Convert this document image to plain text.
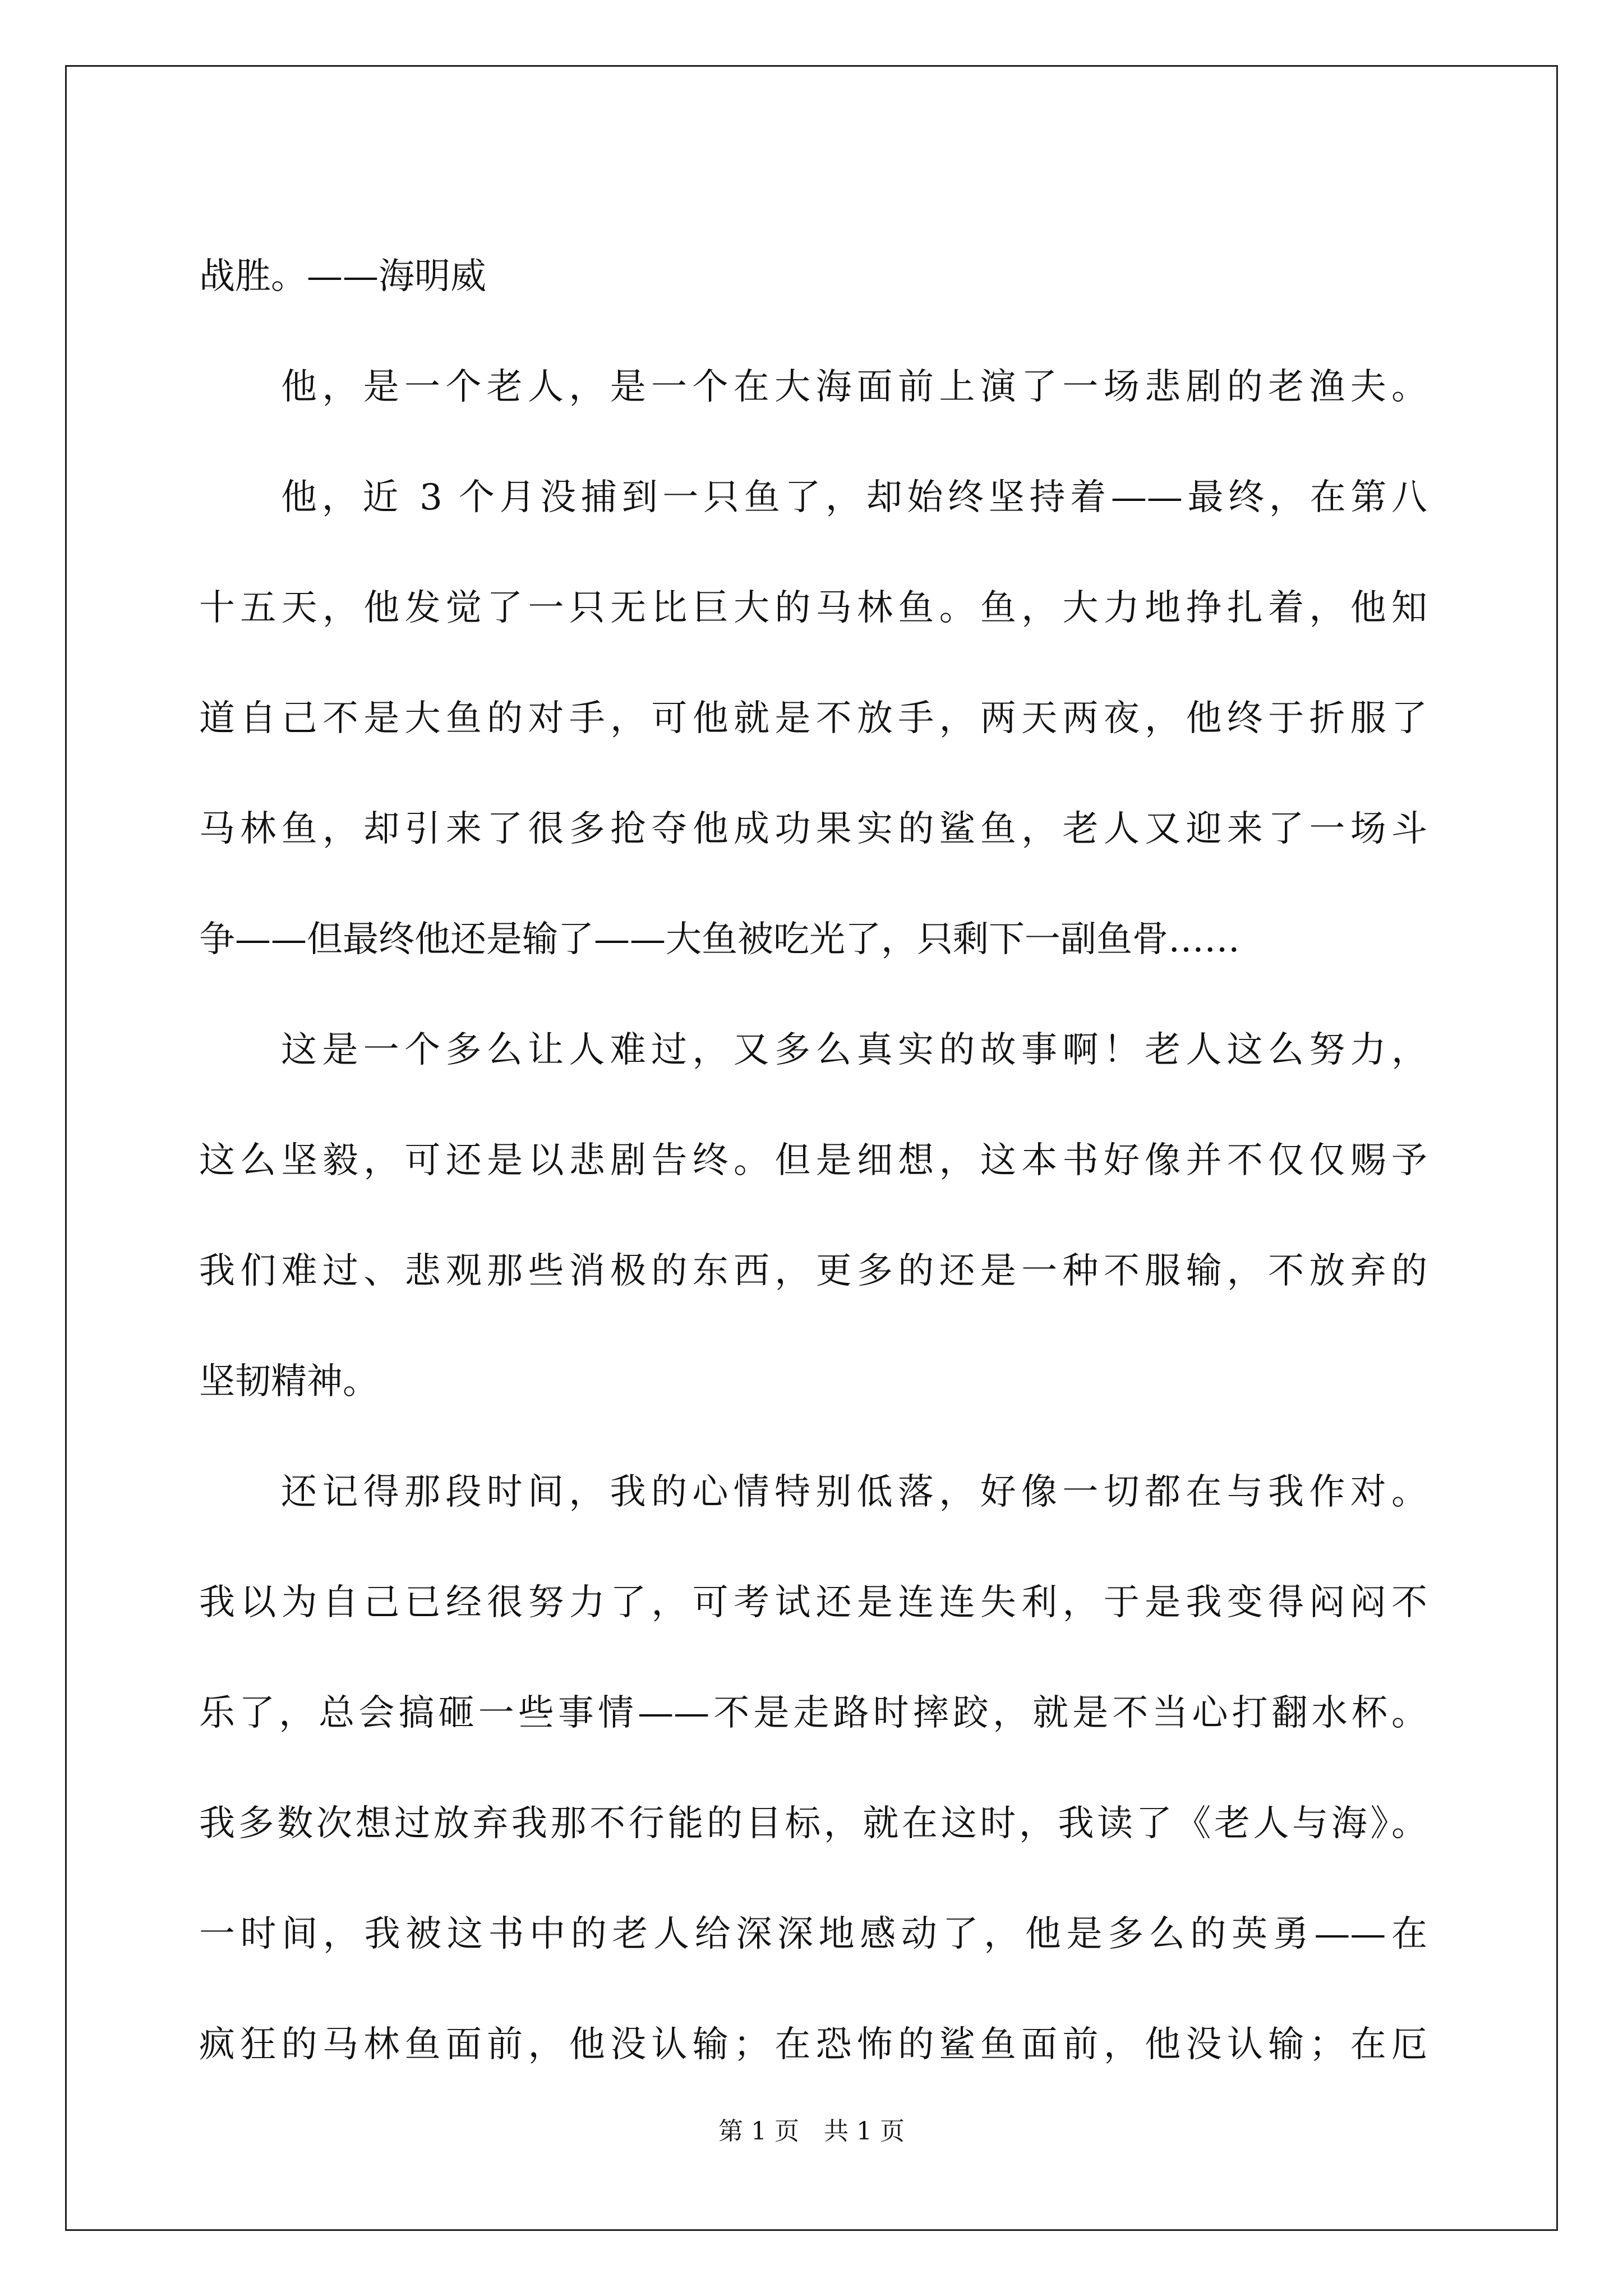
战胜。——海明威
他，是一个老人，是一个在大海面前上演了一场悲剧的老渔夫。
他，近 3 个月没捕到一只鱼了，却始终坚持着——最终，在第八
十五天，他发觉了一只无比巨大的马林鱼。鱼，大力地挣扎着，他知
道自己不是大鱼的对手，可他就是不放手，两天两夜，他终于折服了
马林鱼，却引来了很多抢夺他成功果实的鲨鱼，老人又迎来了一场斗
争——但最终他还是输了——大鱼被吃光了，只剩下一副鱼骨……
这是一个多么让人难过，又多么真实的故事啊！老人这么努力，
这么坚毅，可还是以悲剧告终。但是细想，这本书好像并不仅仅赐予
我们难过、悲观那些消极的东西，更多的还是一种不服输，不放弃的
坚韧精神。
还记得那段时间，我的心情特别低落，好像一切都在与我作对。
我以为自己已经很努力了，可考试还是连连失利，于是我变得闷闷不
乐了，总会搞砸一些事情——不是走路时摔跤，就是不当心打翻水杯。
我多数次想过放弃我那不行能的目标，就在这时，我读了《老人与海》。
一时间，我被这书中的老人给深深地感动了，他是多么的英勇——在
疯狂的马林鱼面前，他没认输；在恐怖的鲨鱼面前，他没认输；在厄
第 1 页 共 1 页
